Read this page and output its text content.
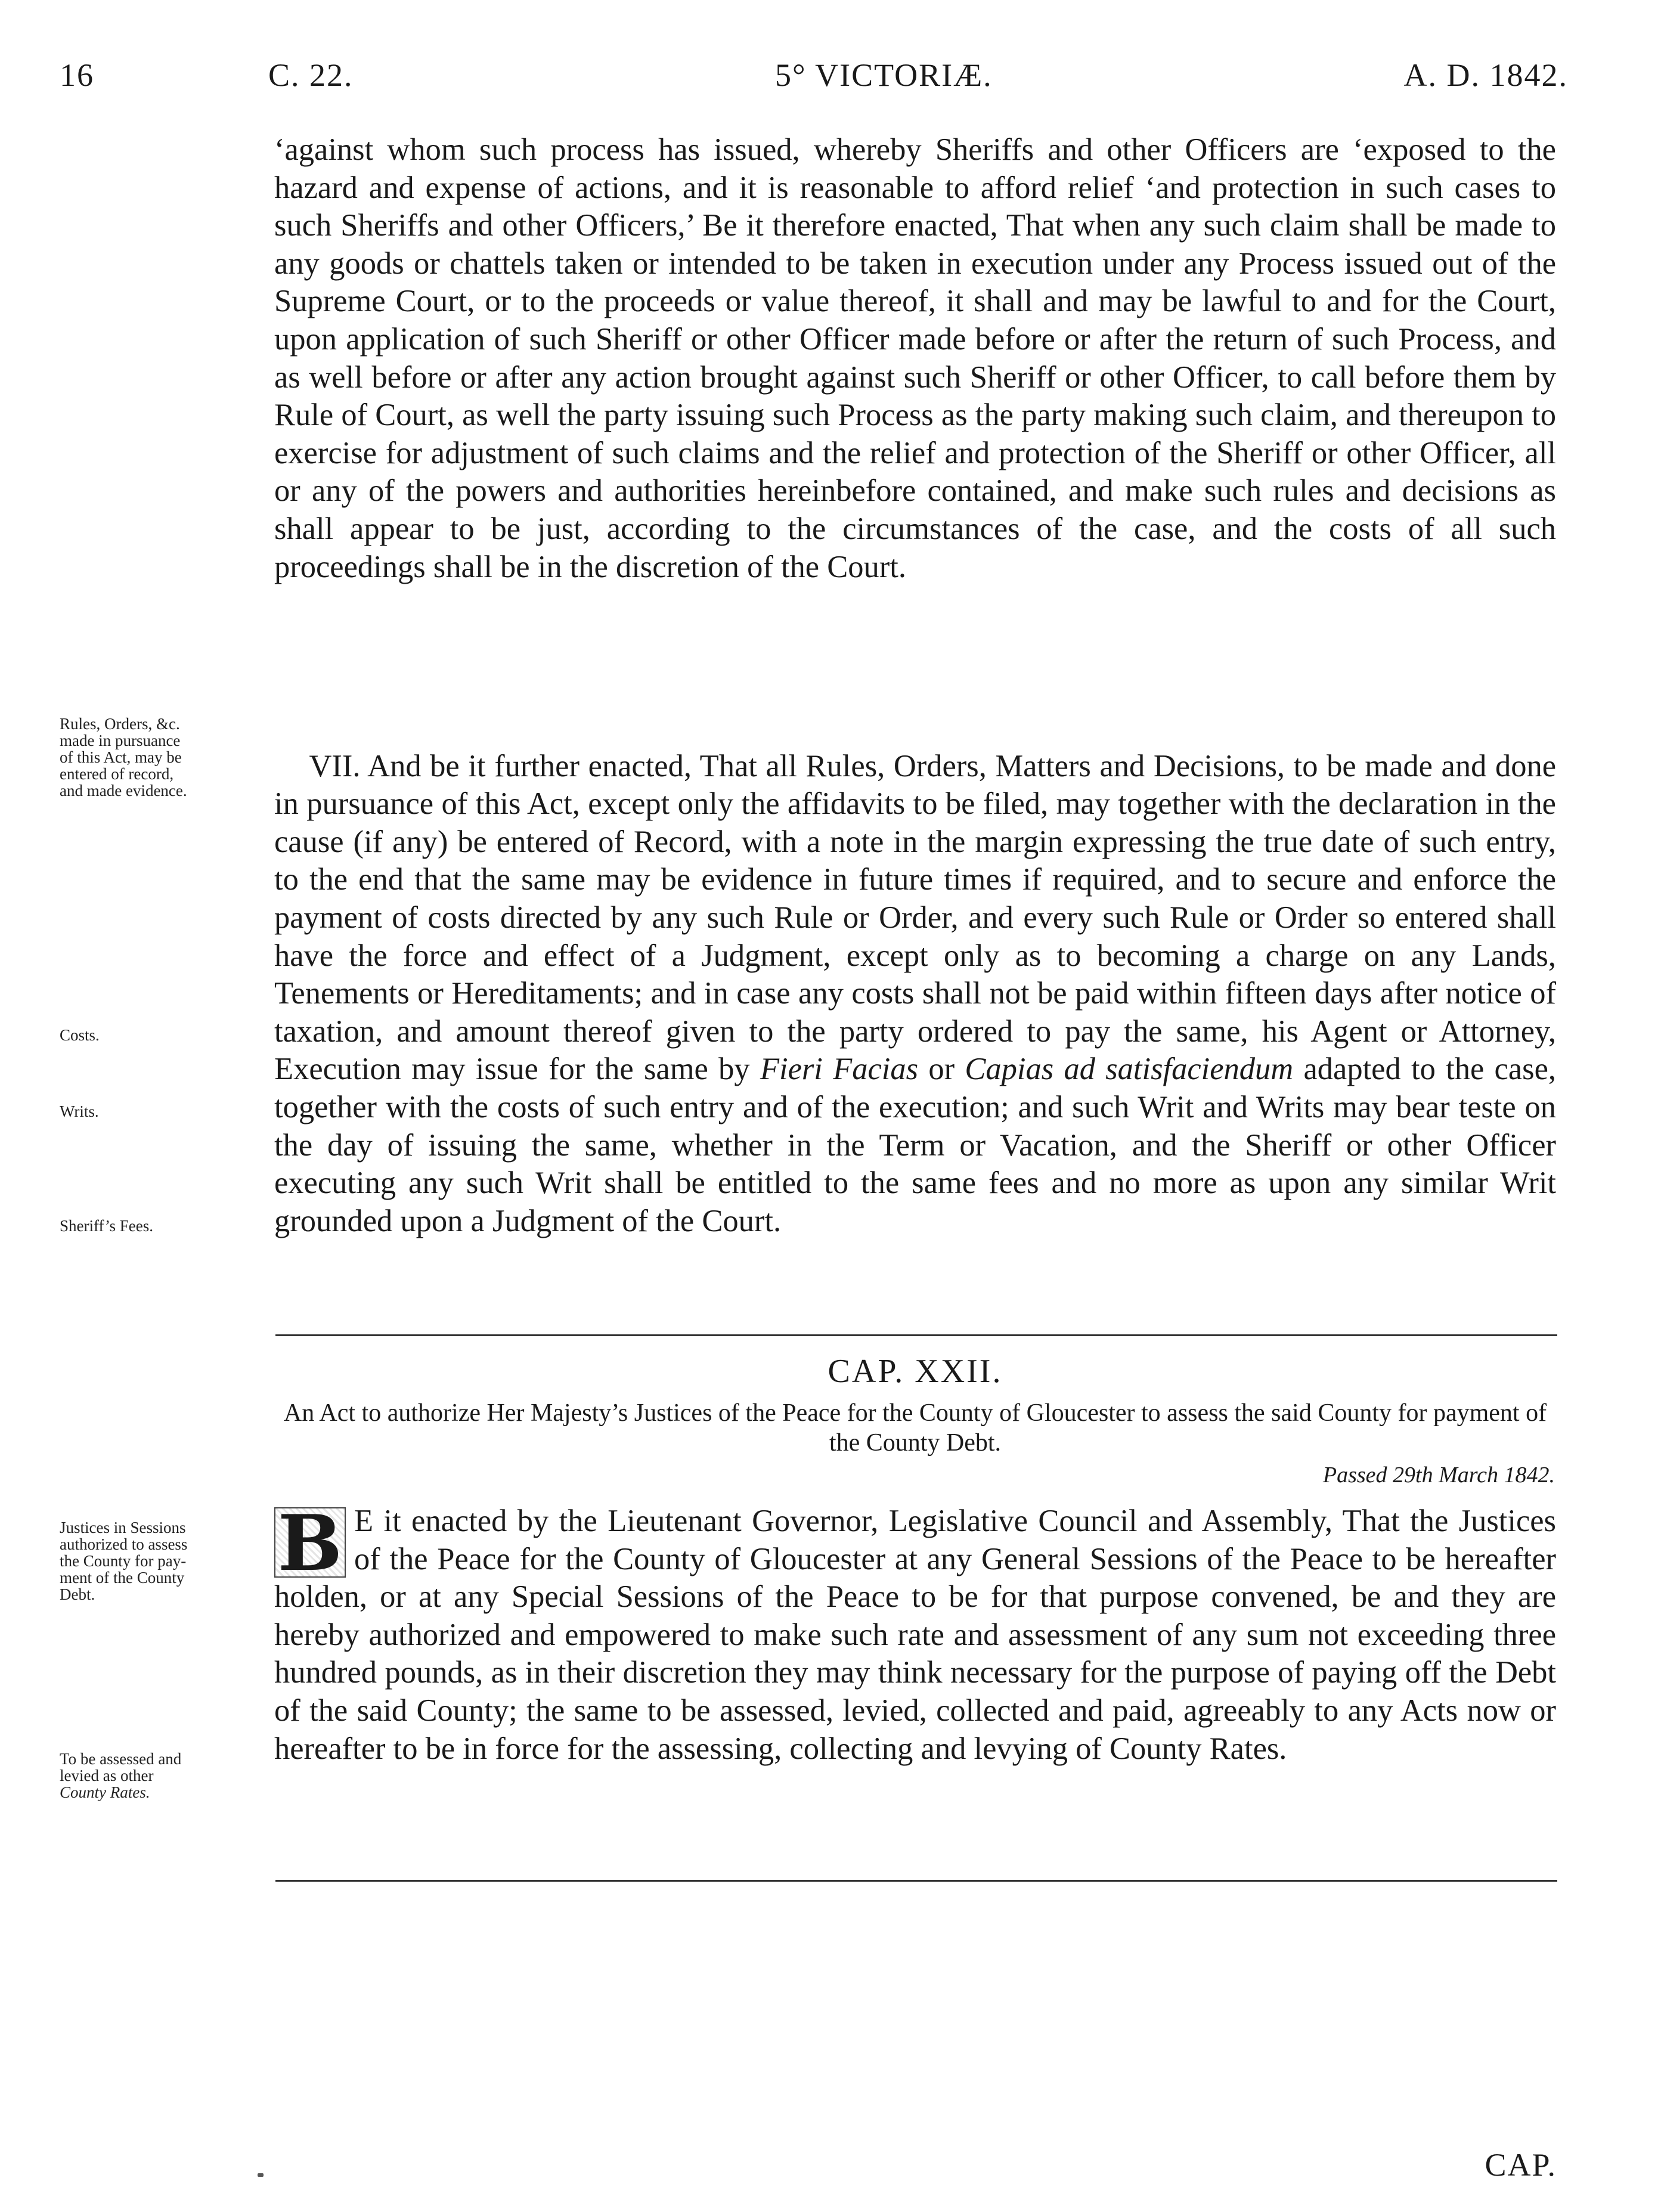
16	C. 22.	5° VICTORIÆ.	A. D. 1842.
‘against whom such process has issued, whereby Sheriffs and other Officers are ‘exposed to the hazard and expense of actions, and it is reasonable to afford relief ‘and protection in such cases to such Sheriffs and other Officers,’ Be it therefore enacted, That when any such claim shall be made to any goods or chattels taken or intended to be taken in execution under any Process issued out of the Supreme Court, or to the proceeds or value thereof, it shall and may be lawful to and for the Court, upon application of such Sheriff or other Officer made before or after the return of such Process, and as well before or after any action brought against such Sheriff or other Officer, to call before them by Rule of Court, as well the party issuing such Process as the party making such claim, and thereupon to exercise for adjustment of such claims and the relief and protection of the Sheriff or other Officer, all or any of the powers and authorities hereinbefore contained, and make such rules and decisions as shall appear to be just, according to the circumstances of the case, and the costs of all such proceedings shall be in the discretion of the Court.
Rules, Orders, &c.
made in pursuance
of this Act, may be
entered of record,
and made evidence.

VII. And be it further enacted, That all Rules, Orders, Matters and Decisions, to be made and done in pursuance of this Act, except only the affidavits to be filed, may together with the declaration in the cause (if any) be entered of Record, with a note in the margin expressing the true date of such entry, to the end that the same may be evidence in future times if required, and to secure and enforce the payment of costs directed by any such Rule or Order, and every such Rule or Order so entered shall have the force and effect of a Judgment, except only as to becoming a charge on any Lands, Tenements or Hereditaments; and in case any costs shall not be paid within fifteen days after notice of taxation, and amount thereof given to the party ordered to pay the same, his Agent or Attorney, Execution may issue for the same by Fieri Facias or Capias ad satisfaciendum adapted to the case, together with the costs of such entry and of the execution; and such Writ and Writs may bear teste on the day of issuing the same, whether in the Term or Vacation, and the Sheriff or other Officer executing any such Writ shall be entitled to the same fees and no more as upon any similar Writ grounded upon a Judgment of the Court.

Costs.
Writs.
Sheriff’s Fees.
CAP. XXII.
An Act to authorize Her Majesty’s Justices of the Peace for the County of Gloucester to assess the said County for payment of the County Debt.
Passed 29th March 1842.
Justices in Sessions
authorized to assess
the County for pay-
ment of the County
Debt.
B E it enacted by the Lieutenant Governor, Legislative Council and Assembly, That the Justices of the Peace for the County of Gloucester at any General Sessions of the Peace to be hereafter holden, or at any Special Sessions of the Peace to be for that purpose convened, be and they are hereby authorized and empowered to make such rate and assessment of any sum not exceeding three hundred pounds, as in their discretion they may think necessary for the purpose of paying off the Debt of the said County; the same to be assessed, levied, collected and paid, agreeably to any Acts now or hereafter to be in force for the assessing, collecting and levying of County Rates.
To be assessed and
levied as other
County Rates.
CAP.
